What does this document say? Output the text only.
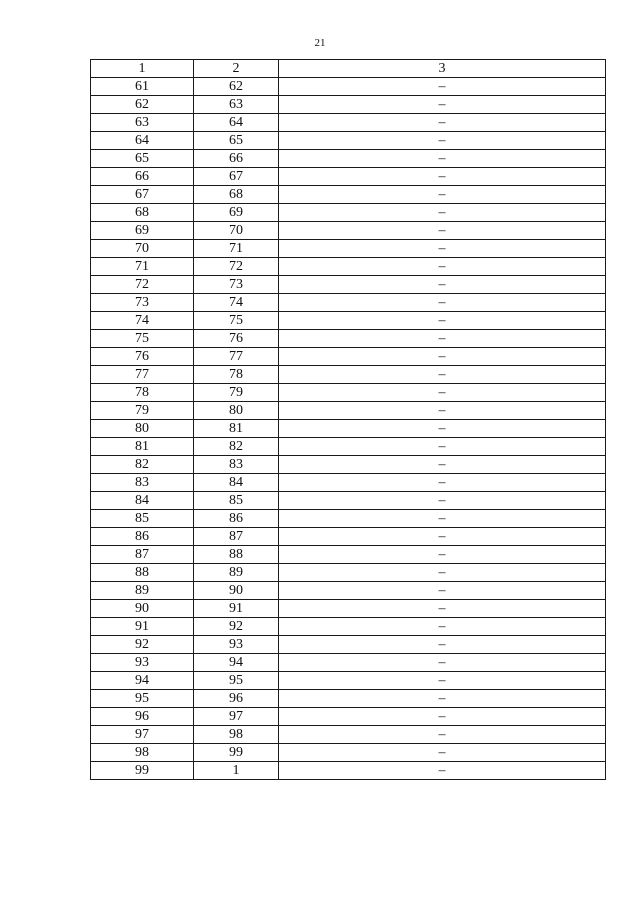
21
1	2	3
61	62	–
62	63	–
63	64	–
64	65	–
65	66	–
66	67	–
67	68	–
68	69	–
69	70	–
70	71	–
71	72	–
72	73	–
73	74	–
74	75	–
75	76	–
76	77	–
77	78	–
78	79	–
79	80	–
80	81	–
81	82	–
82	83	–
83	84	–
84	85	–
85	86	–
86	87	–
87	88	–
88	89	–
89	90	–
90	91	–
91	92	–
92	93	–
93	94	–
94	95	–
95	96	–
96	97	–
97	98	–
98	99	–
99	1	–
